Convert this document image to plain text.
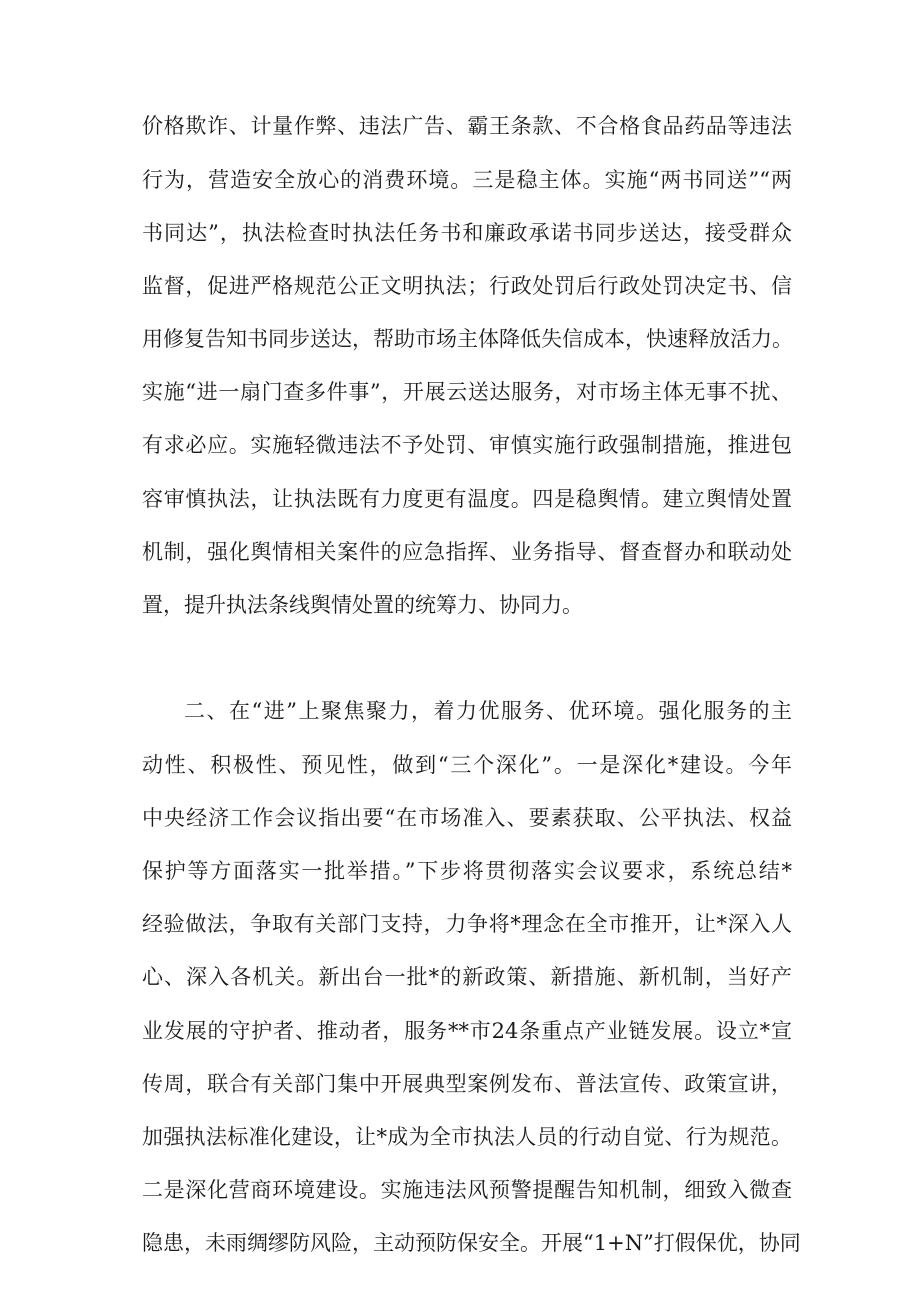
价格欺诈、计量作弊、违法广告、霸王条款、不合格食品药品等违法
行为，营造安全放心的消费环境。三是稳主体。实施“两书同送”“两
书同达”，执法检查时执法任务书和廉政承诺书同步送达，接受群众
监督，促进严格规范公正文明执法；行政处罚后行政处罚决定书、信
用修复告知书同步送达，帮助市场主体降低失信成本，快速释放活力。
实施“进一扇门查多件事”，开展云送达服务，对市场主体无事不扰、
有求必应。实施轻微违法不予处罚、审慎实施行政强制措施，推进包
容审慎执法，让执法既有力度更有温度。四是稳舆情。建立舆情处置
机制，强化舆情相关案件的应急指挥、业务指导、督查督办和联动处
置，提升执法条线舆情处置的统筹力、协同力。
二、在“进”上聚焦聚力，着力优服务、优环境。强化服务的主
动性、积极性、预见性，做到“三个深化”。一是深化*建设。今年
中央经济工作会议指出要“在市场准入、要素获取、公平执法、权益
保护等方面落实一批举措。”下步将贯彻落实会议要求，系统总结*
经验做法，争取有关部门支持，力争将*理念在全市推开，让*深入人
心、深入各机关。新出台一批*的新政策、新措施、新机制，当好产
业发展的守护者、推动者，服务**市24条重点产业链发展。设立*宣
传周，联合有关部门集中开展典型案例发布、普法宣传、政策宣讲，
加强执法标准化建设，让*成为全市执法人员的行动自觉、行为规范。
二是深化营商环境建设。实施违法风预警提醒告知机制，细致入微查
隐患，未雨绸缪防风险，主动预防保安全。开展“1+N”打假保优，协同
